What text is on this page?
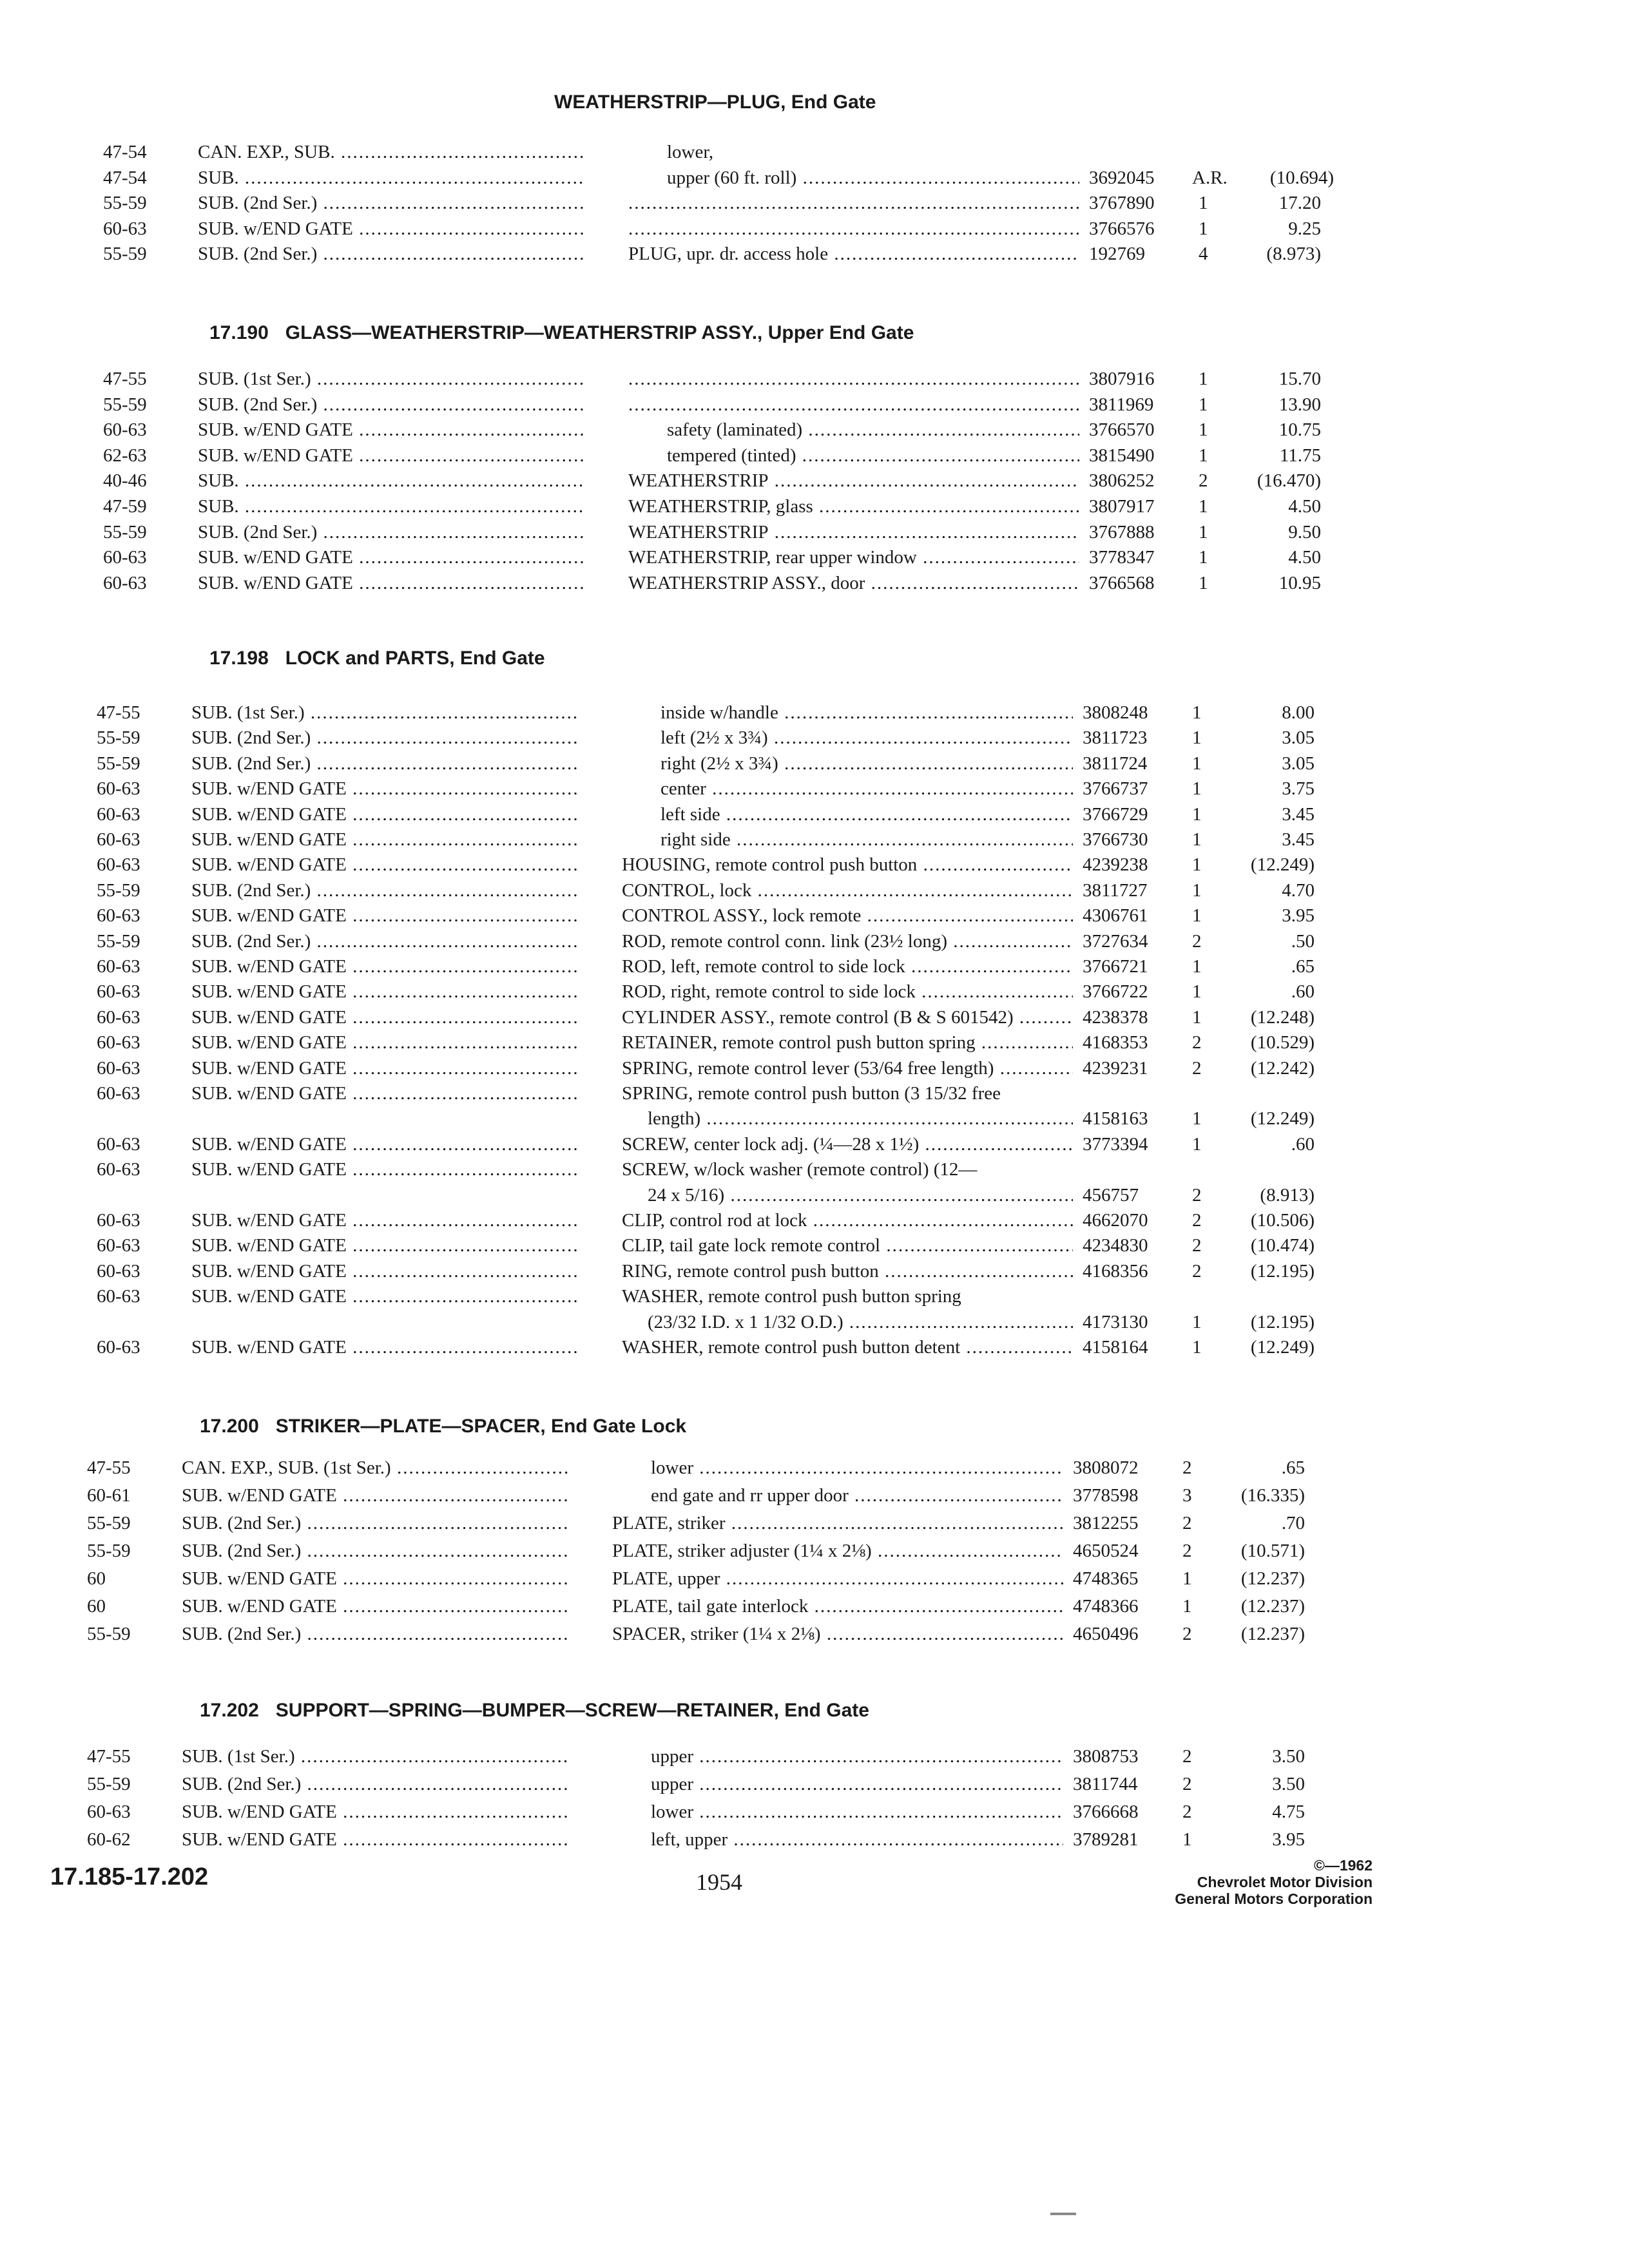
WEATHERSTRIP—PLUG, End Gate
47-54	CAN. EXP., SUB. .....	lower,
47-54	SUB. .....	upper (60 ft. roll) .....	3692045 A.R.	(10.694)
55-59	SUB. (2nd Ser.) ..... .....	3767890 1	17.20
60-63	SUB. w/END GATE ..... .....	3766576 1	9.25
55-59	SUB. (2nd Ser.) .....	PLUG, upr. dr. access hole .....	192769	4	(8.973)
17.190 GLASS—WEATHERSTRIP—WEATHERSTRIP ASSY., Upper End Gate
47-55	SUB. (1st Ser.) ..... .....	3807916 1	15.70
55-59	SUB. (2nd Ser.) ..... .....	3811969 1	13.90
60-63	SUB. w/END GATE .....	safety (laminated) .....	3766570 1	10.75
62-63	SUB. w/END GATE .....	tempered (tinted) .....	3815490 1	11.75
40-46	SUB. .....	WEATHERSTRIP .....	3806252 2	(16.470)
47-59	SUB. .....	WEATHERSTRIP, glass .....	3807917 1	4.50
55-59	SUB. (2nd Ser.) .....	WEATHERSTRIP .....	3767888 1	9.50
60-63	SUB. w/END GATE .....	WEATHERSTRIP, rear upper window .....	3778347 1	4.50
60-63	SUB. w/END GATE .....	WEATHERSTRIP ASSY., door .....	3766568 1	10.95
17.198 LOCK and PARTS, End Gate
47-55	SUB. (1st Ser.) .....	inside w/handle .....	3808248 1	8.00
55-59	SUB. (2nd Ser.) .....	left (2½ x 3¾) .....	3811723 1	3.05
55-59	SUB. (2nd Ser.) .....	right (2½ x 3¾) .....	3811724 1	3.05
60-63	SUB. w/END GATE .....	center .....	3766737 1	3.75
60-63	SUB. w/END GATE .....	left side .....	3766729 1	3.45
60-63	SUB. w/END GATE .....	right side .....	3766730 1	3.45
60-63	SUB. w/END GATE .....	HOUSING, remote control push button .....	4239238 1	(12.249)
55-59	SUB. (2nd Ser.) .....	CONTROL, lock .....	3811727 1	4.70
60-63	SUB. w/END GATE .....	CONTROL ASSY., lock remote .....	4306761 1	3.95
55-59	SUB. (2nd Ser.) .....	ROD, remote control conn. link (23½ long) .....	3727634 2	.50
60-63	SUB. w/END GATE .....	ROD, left, remote control to side lock .....	3766721 1	.65
60-63	SUB. w/END GATE .....	ROD, right, remote control to side lock .....	3766722 1	.60
60-63	SUB. w/END GATE .....	CYLINDER ASSY., remote control (B & S 601542) .....	4238378 1	(12.248)
60-63	SUB. w/END GATE .....	RETAINER, remote control push button spring .....	4168353 2	(10.529)
60-63	SUB. w/END GATE .....	SPRING, remote control lever (53/64 free length) .....	4239231 2	(12.242)
60-63	SUB. w/END GATE .....	SPRING, remote control push button (3 15/32 free
length) .....	4158163 1	(12.249)
60-63	SUB. w/END GATE .....	SCREW, center lock adj. (¼—28 x 1½) .....	3773394 1	.60
60-63	SUB. w/END GATE .....	SCREW, w/lock washer (remote control) (12—
24 x 5/16) .....	456757	2	(8.913)
60-63	SUB. w/END GATE .....	CLIP, control rod at lock .....	4662070 2	(10.506)
60-63	SUB. w/END GATE .....	CLIP, tail gate lock remote control .....	4234830 2	(10.474)
60-63	SUB. w/END GATE .....	RING, remote control push button .....	4168356 2	(12.195)
60-63	SUB. w/END GATE .....	WASHER, remote control push button spring
(23/32 I.D. x 1 1/32 O.D.) .....	4173130 1	(12.195)
60-63	SUB. w/END GATE .....	WASHER, remote control push button detent .....	4158164 1	(12.249)
17.200 STRIKER—PLATE—SPACER, End Gate Lock
47-55	CAN. EXP., SUB. (1st Ser.) .....	lower .....	3808072 2	.65
60-61	SUB. w/END GATE .....	end gate and rr upper door .....	3778598 3	(16.335)
55-59	SUB. (2nd Ser.) .....	PLATE, striker .....	3812255 2	.70
55-59	SUB. (2nd Ser.) .....	PLATE, striker adjuster (1¼ x 2⅛) .....	4650524 2	(10.571)
60	SUB. w/END GATE .....	PLATE, upper .....	4748365 1	(12.237)
60	SUB. w/END GATE .....	PLATE, tail gate interlock .....	4748366 1	(12.237)
55-59	SUB. (2nd Ser.) .....	SPACER, striker (1¼ x 2⅛) .....	4650496 2	(12.237)
17.202 SUPPORT—SPRING—BUMPER—SCREW—RETAINER, End Gate
47-55	SUB. (1st Ser.) .....	upper .....	3808753 2	3.50
55-59	SUB. (2nd Ser.) .....	upper .....	3811744 2	3.50
60-63	SUB. w/END GATE .....	lower .....	3766668 2	4.75
60-62	SUB. w/END GATE .....	left, upper .....	3789281 1	3.95
17.185-17.202	1954
©—1962
Chevrolet Motor Division
General Motors Corporation
